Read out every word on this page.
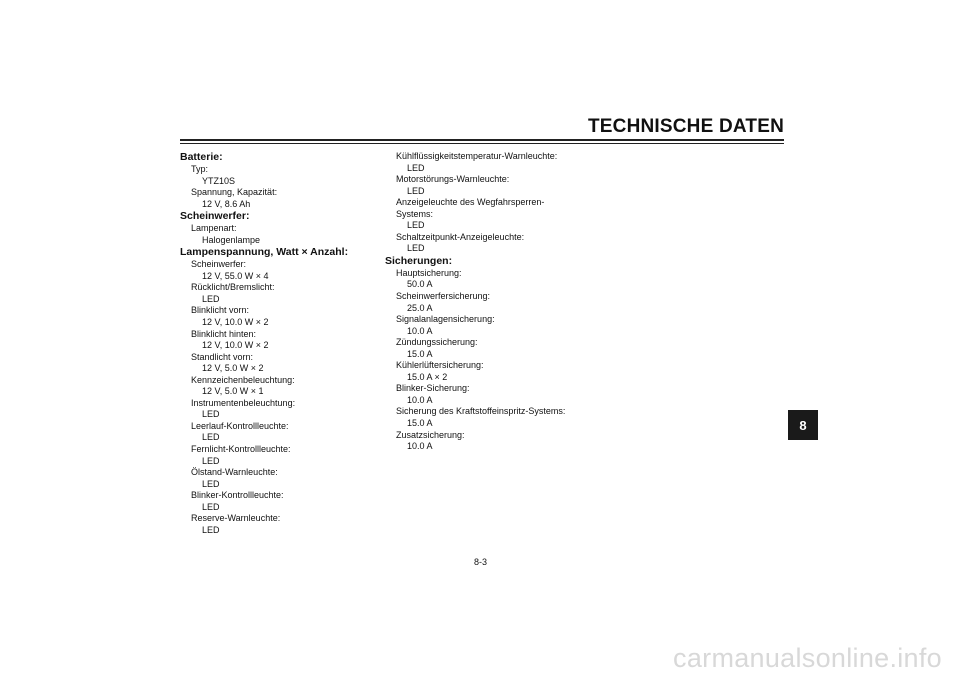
TECHNISCHE DATEN
Batterie:
Typ:
YTZ10S
Spannung, Kapazität:
12 V, 8.6 Ah
Scheinwerfer:
Lampenart:
Halogenlampe
Lampenspannung, Watt × Anzahl:
Scheinwerfer:
12 V, 55.0 W × 4
Rücklicht/Bremslicht:
LED
Blinklicht vorn:
12 V, 10.0 W × 2
Blinklicht hinten:
12 V, 10.0 W × 2
Standlicht vorn:
12 V, 5.0 W × 2
Kennzeichenbeleuchtung:
12 V, 5.0 W × 1
Instrumentenbeleuchtung:
LED
Leerlauf-Kontrollleuchte:
LED
Fernlicht-Kontrollleuchte:
LED
Ölstand-Warnleuchte:
LED
Blinker-Kontrollleuchte:
LED
Reserve-Warnleuchte:
LED
Kühlflüssigkeitstemperatur-Warnleuchte:
LED
Motorstörungs-Warnleuchte:
LED
Anzeigeleuchte des Wegfahrsperren-
Systems:
LED
Schaltzeitpunkt-Anzeigeleuchte:
LED
Sicherungen:
Hauptsicherung:
50.0 A
Scheinwerfersicherung:
25.0 A
Signalanlagensicherung:
10.0 A
Zündungssicherung:
15.0 A
Kühlerlüftersicherung:
15.0 A × 2
Blinker-Sicherung:
10.0 A
Sicherung des Kraftstoffeinspritz-Systems:
15.0 A
Zusatzsicherung:
10.0 A
8
8-3
carmanualsonline.info
